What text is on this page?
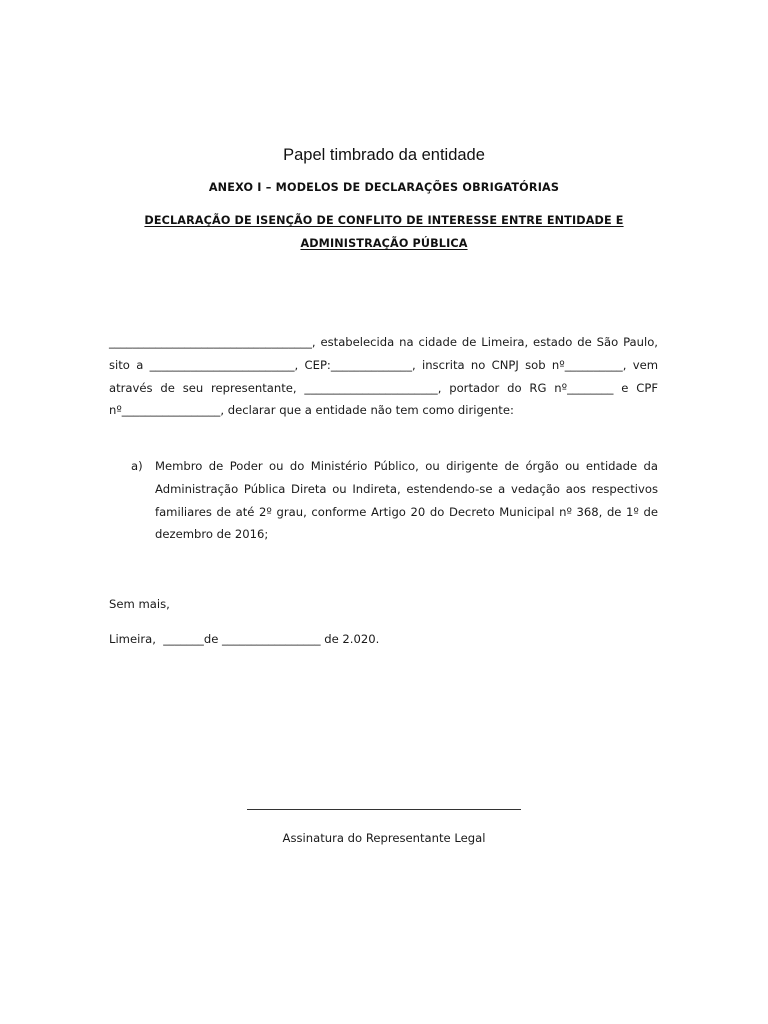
Papel timbrado da entidade
ANEXO I – MODELOS DE DECLARAÇÕES OBRIGATÓRIAS
DECLARAÇÃO DE ISENÇÃO DE CONFLITO DE INTERESSE ENTRE ENTIDADE E
ADMINISTRAÇÃO PÚBLICA
___________________________________, estabelecida na cidade de Limeira, estado de São Paulo, sito a _________________________, CEP:______________, inscrita no CNPJ sob nº__________, vem através de seu representante, _______________________, portador do RG nº________ e CPF nº_________________, declarar que a entidade não tem como dirigente:
a) Membro de Poder ou do Ministério Público, ou dirigente de órgão ou entidade da Administração Pública Direta ou Indireta, estendendo-se a vedação aos respectivos familiares de até 2º grau, conforme Artigo 20 do Decreto Municipal nº 368, de 1º de dezembro de 2016;
Sem mais,
Limeira,  _______de _________________ de 2.020.
Assinatura do Representante Legal
